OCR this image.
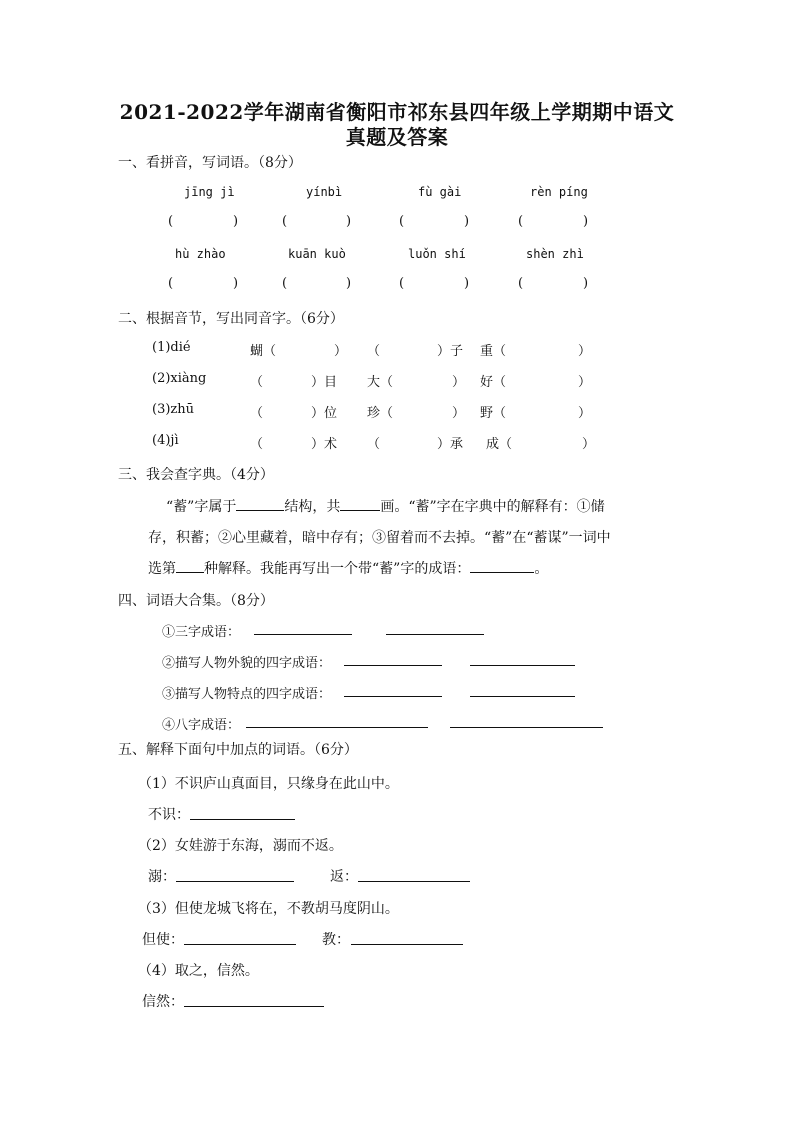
2021-2022学年湖南省衡阳市祁东县四年级上学期期中语文
真题及答案
一、看拼音，写词语。（8分）
jīng jì	yínbì	fù gài	rèn píng
(	)	(	)	(	)	(	)
hù zhào	kuān kuò	luǒn shí	shèn zhì
(	)	(	)	(	)	(	)
二、根据音节，写出同音字。（6分）
(1)dié	蝴（	） （	）子 重（	）
(2)xiàng	（	）目 大（	） 好（	）
(3)zhū	（	）位 珍（	） 野（	）
(4)jì	（	）术 （	）承 成（	）
三、我会查字典。（4分）
“蓄”字属于	结构，共	画。“蓄”字在字典中的解释有：①储
存，积蓄；②心里藏着，暗中存有；③留着而不去掉。“蓄”在“蓄谋”一词中
选第 种解释。我能再写出一个带“蓄”字的成语：	。
四、词语大合集。（8分）
①三字成语：
②描写人物外貌的四字成语：
③描写人物特点的四字成语：
④八字成语：
五、解释下面句中加点的词语。（6分）
（1）不识庐山真面目，只缘身在此山中。
不识：
（2）女娃游于东海，溺而不返。
溺：	返：
（3）但使龙城飞将在，不教胡马度阴山。
但使：	教：
（4）取之，信然。
信然：
